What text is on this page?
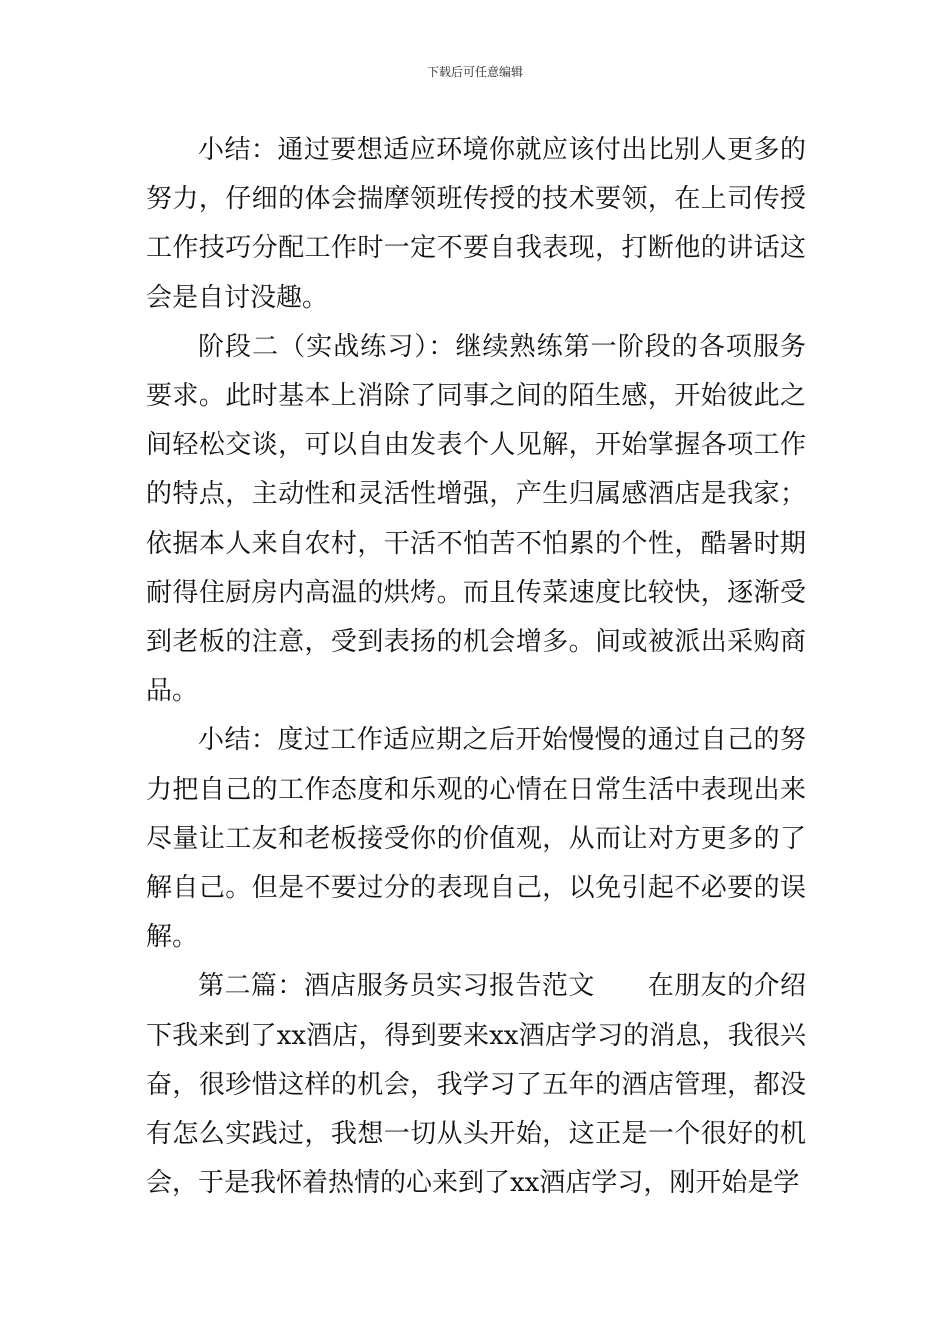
下载后可任意编辑

小结：通过要想适应环境你就应该付出比别人更多的努力，仔细的体会揣摩领班传授的技术要领，在上司传授工作技巧分配工作时一定不要自我表现，打断他的讲话这会是自讨没趣。

阶段二（实战练习）：继续熟练第一阶段的各项服务要求。此时基本上消除了同事之间的陌生感，开始彼此之间轻松交谈，可以自由发表个人见解，开始掌握各项工作的特点，主动性和灵活性增强，产生归属感酒店是我家；依据本人来自农村，干活不怕苦不怕累的个性，酷暑时期耐得住厨房内高温的烘烤。而且传菜速度比较快，逐渐受到老板的注意，受到表扬的机会增多。间或被派出采购商品。

小结：度过工作适应期之后开始慢慢的通过自己的努力把自己的工作态度和乐观的心情在日常生活中表现出来尽量让工友和老板接受你的价值观，从而让对方更多的了解自己。但是不要过分的表现自己，以免引起不必要的误解。

第二篇：酒店服务员实习报告范文　　在朋友的介绍下我来到了xx酒店，得到要来xx酒店学习的消息，我很兴奋，很珍惜这样的机会，我学习了五年的酒店管理，都没有怎么实践过，我想一切从头开始，这正是一个很好的机会，于是我怀着热情的心来到了xx酒店学习，刚开始是学
